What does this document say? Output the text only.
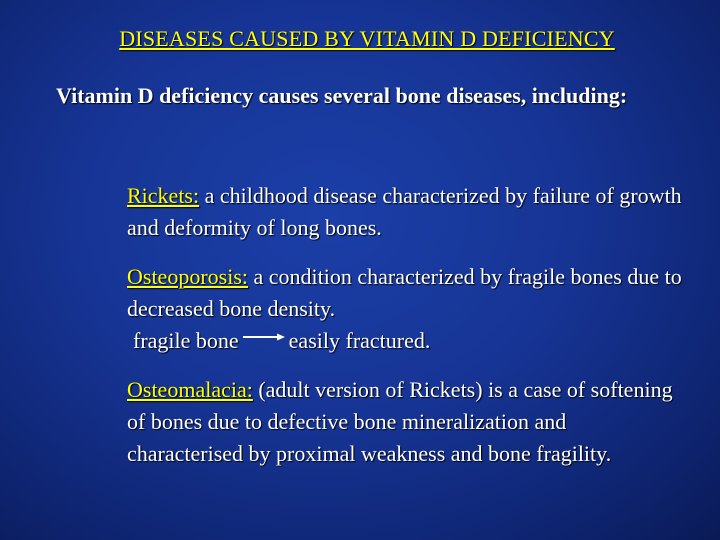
DISEASES CAUSED BY VITAMIN D DEFICIENCY
Vitamin D deficiency causes several bone diseases, including:
Rickets: a childhood disease characterized by failure of growth and deformity of long bones.
Osteoporosis: a condition characterized by fragile bones due to decreased bone density.
fragile bone easily fractured.
Osteomalacia: (adult version of Rickets) is a case of softening of bones due to defective bone mineralization and characterised by proximal weakness and bone fragility.
